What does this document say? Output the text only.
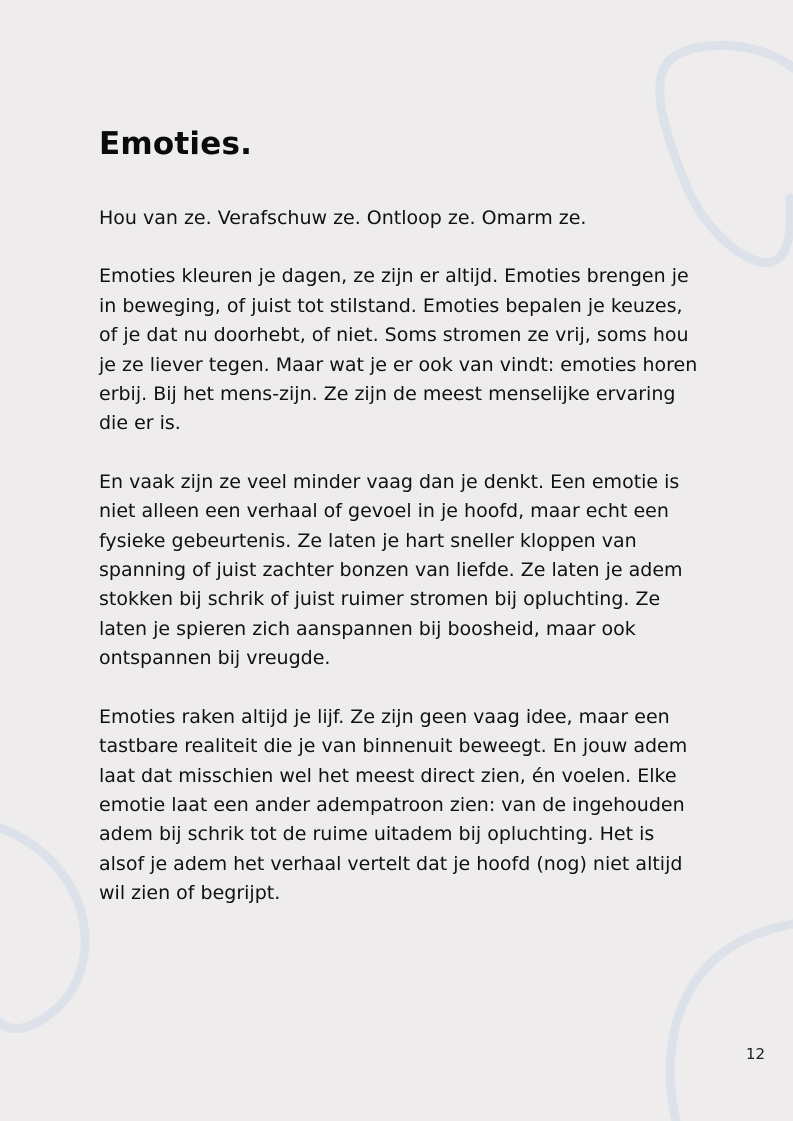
Emoties.

Hou van ze. Verafschuw ze. Ontloop ze. Omarm ze.

Emoties kleuren je dagen, ze zijn er altijd. Emoties brengen je in beweging, of juist tot stilstand. Emoties bepalen je keuzes, of je dat nu doorhebt, of niet. Soms stromen ze vrij, soms hou je ze liever tegen. Maar wat je er ook van vindt: emoties horen erbij. Bij het mens-zijn. Ze zijn de meest menselijke ervaring die er is.

En vaak zijn ze veel minder vaag dan je denkt. Een emotie is niet alleen een verhaal of gevoel in je hoofd, maar echt een fysieke gebeurtenis. Ze laten je hart sneller kloppen van spanning of juist zachter bonzen van liefde. Ze laten je adem stokken bij schrik of juist ruimer stromen bij opluchting. Ze laten je spieren zich aanspannen bij boosheid, maar ook ontspannen bij vreugde.

Emoties raken altijd je lijf. Ze zijn geen vaag idee, maar een tastbare realiteit die je van binnenuit beweegt. En jouw adem laat dat misschien wel het meest direct zien, én voelen. Elke emotie laat een ander adempatroon zien: van de ingehouden adem bij schrik tot de ruime uitadem bij opluchting. Het is alsof je adem het verhaal vertelt dat je hoofd (nog) niet altijd wil zien of begrijpt.

12
